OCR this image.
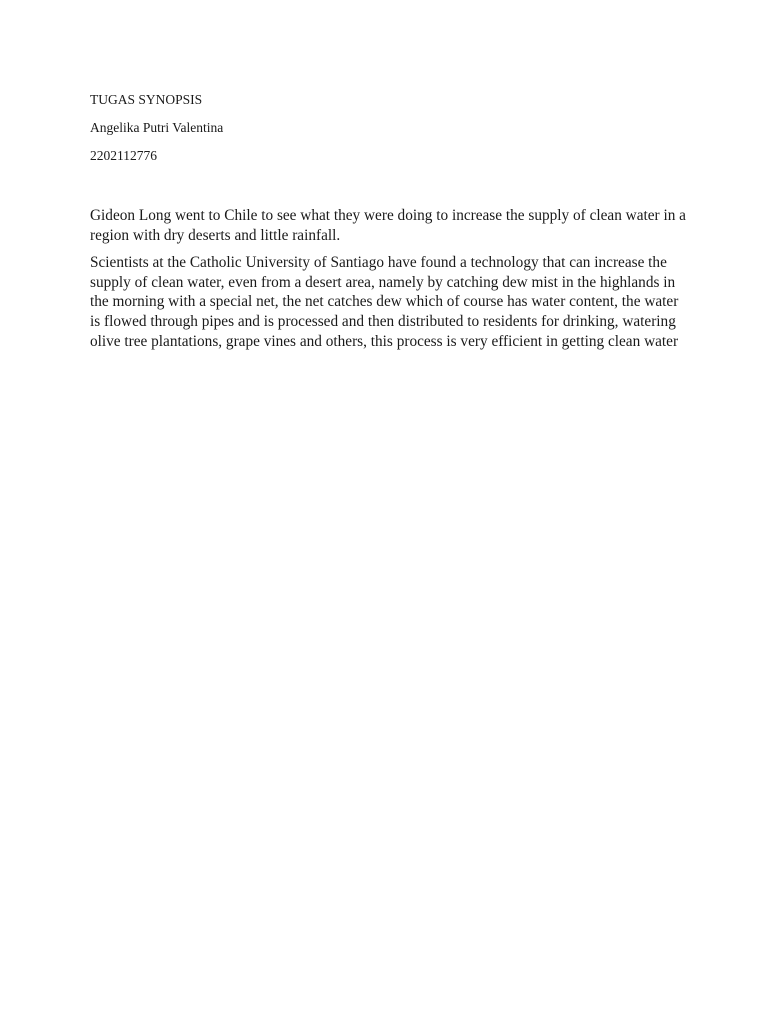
TUGAS SYNOPSIS

Angelika Putri Valentina

2202112776

Gideon Long went to Chile to see what they were doing to increase the supply of clean water in a region with dry deserts and little rainfall.

Scientists at the Catholic University of Santiago have found a technology that can increase the supply of clean water, even from a desert area, namely by catching dew mist in the highlands in the morning with a special net, the net catches dew which of course has water content, the water is flowed through pipes and is processed and then distributed to residents for drinking, watering olive tree plantations, grape vines and others, this process is very efficient in getting clean water
